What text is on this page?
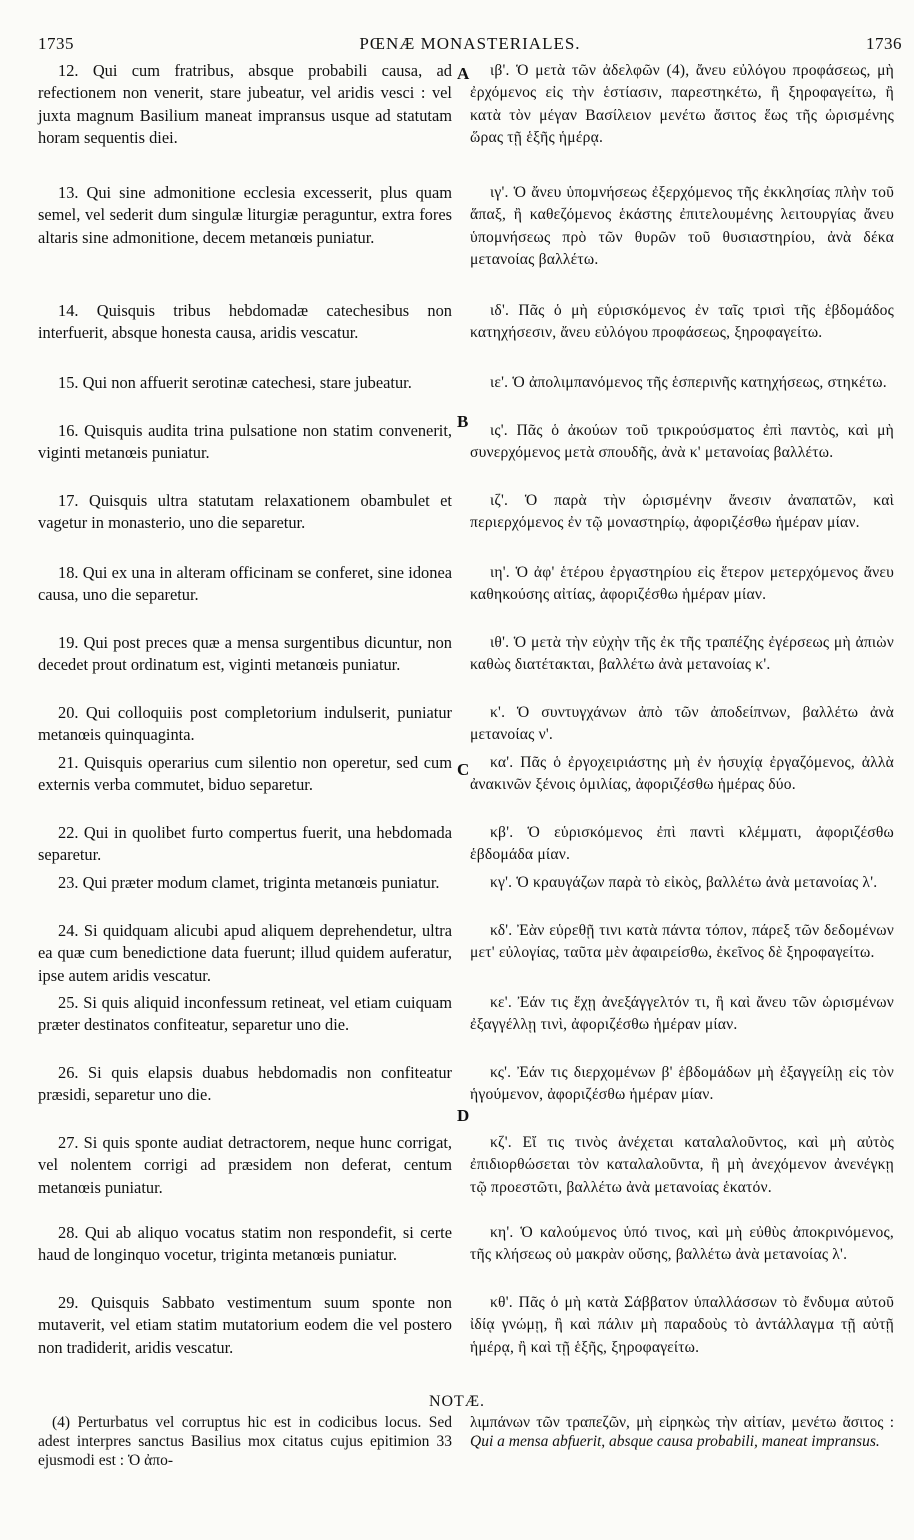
1735	PŒNÆ MONASTERIALES.	1736
A
B
C
D

12. Qui cum fratribus, absque probabili causa, ad refectionem non venerit, stare jubeatur, vel aridis vesci : vel juxta magnum Basilium maneat impransus usque ad statutam horam sequentis diei.

13. Qui sine admonitione ecclesia excesserit, plus quam semel, vel sederit dum singulæ liturgiæ peraguntur, extra fores altaris sine admonitione, decem metanœis puniatur.

14. Quisquis tribus hebdomadæ catechesibus non interfuerit, absque honesta causa, aridis vescatur.

15. Qui non affuerit serotinæ catechesi, stare jubeatur.

16. Quisquis audita trina pulsatione non statim convenerit, viginti metanœis puniatur.

17. Quisquis ultra statutam relaxationem obambulet et vagetur in monasterio, uno die separetur.

18. Qui ex una in alteram officinam se conferet, sine idonea causa, uno die separetur.

19. Qui post preces quæ a mensa surgentibus dicuntur, non decedet prout ordinatum est, viginti metanœis puniatur.

20. Qui colloquiis post completorium indulserit, puniatur metanœis quinquaginta.

21. Quisquis operarius cum silentio non operetur, sed cum externis verba commutet, biduo separetur.

22. Qui in quolibet furto compertus fuerit, una hebdomada separetur.

23. Qui præter modum clamet, triginta metanœis puniatur.

24. Si quidquam alicubi apud aliquem deprehendetur, ultra ea quæ cum benedictione data fuerunt; illud quidem auferatur, ipse autem aridis vescatur.

25. Si quis aliquid inconfessum retineat, vel etiam cuiquam præter destinatos confiteatur, separetur uno die.

26. Si quis elapsis duabus hebdomadis non confiteatur præsidi, separetur uno die.

27. Si quis sponte audiat detractorem, neque hunc corrigat, vel nolentem corrigi ad præsidem non deferat, centum metanœis puniatur.

28. Qui ab aliquo vocatus statim non respondefit, si certe haud de longinquo vocetur, triginta metanœis puniatur.

29. Quisquis Sabbato vestimentum suum sponte non mutaverit, vel etiam statim mutatorium eodem die vel postero non tradiderit, aridis vescatur.

ιβ'. Ὁ μετὰ τῶν ἀδελφῶν (4), ἄνευ εὐλόγου προφάσεως, μὴ ἐρχόμενος εἰς τὴν ἑστίασιν, παρεστηκέτω, ἢ ξηροφαγείτω, ἢ κατὰ τὸν μέγαν Βασίλειον μενέτω ἄσιτος ἕως τῆς ὡρισμένης ὥρας τῇ ἑξῆς ἡμέρᾳ.

ιγ'. Ὁ ἄνευ ὑπομνήσεως ἐξερχόμενος τῆς ἐκκλησίας πλὴν τοῦ ἅπαξ, ἢ καθεζόμενος ἑκάστης ἐπιτελουμένης λειτουργίας ἄνευ ὑπομνήσεως πρὸ τῶν θυρῶν τοῦ θυσιαστηρίου, ἀνὰ δέκα μετανοίας βαλλέτω.

ιδ'. Πᾶς ὁ μὴ εὑρισκόμενος ἐν ταῖς τρισὶ τῆς ἑβδομάδος κατηχήσεσιν, ἄνευ εὐλόγου προφάσεως, ξηροφαγείτω.

ιε'. Ὁ ἀπολιμπανόμενος τῆς ἑσπερινῆς κατηχήσεως, στηκέτω.

ις'. Πᾶς ὁ ἀκούων τοῦ τρικρούσματος ἐπὶ παντὸς, καὶ μὴ συνερχόμενος μετὰ σπουδῆς, ἀνὰ κ' μετανοίας βαλλέτω.

ιζ'. Ὁ παρὰ τὴν ὡρισμένην ἄνεσιν ἀναπατῶν, καὶ περιερχόμενος ἐν τῷ μοναστηρίῳ, ἀφοριζέσθω ἡμέραν μίαν.

ιη'. Ὁ ἀφ' ἑτέρου ἐργαστηρίου εἰς ἕτερον μετερχόμενος ἄνευ καθηκούσης αἰτίας, ἀφοριζέσθω ἡμέραν μίαν.

ιθ'. Ὁ μετὰ τὴν εὐχὴν τῆς ἐκ τῆς τραπέζης ἐγέρσεως μὴ ἀπιὼν καθὼς διατέτακται, βαλλέτω ἀνὰ μετανοίας κ'.

κ'. Ὁ συντυγχάνων ἀπὸ τῶν ἀποδείπνων, βαλλέτω ἀνὰ μετανοίας ν'.

κα'. Πᾶς ὁ ἐργοχειριάστης μὴ ἐν ἡσυχίᾳ ἐργαζόμενος, ἀλλὰ ἀνακινῶν ξένοις ὁμιλίας, ἀφοριζέσθω ἡμέρας δύο.

κβ'. Ὁ εὑρισκόμενος ἐπὶ παντὶ κλέμματι, ἀφοριζέσθω ἑβδομάδα μίαν.

κγ'. Ὁ κραυγάζων παρὰ τὸ εἰκὸς, βαλλέτω ἀνὰ μετανοίας λ'.

κδ'. Ἐὰν εὑρεθῇ τινι κατὰ πάντα τόπον, πάρεξ τῶν δεδομένων μετ' εὐλογίας, ταῦτα μὲν ἀφαιρείσθω, ἐκεῖνος δὲ ξηροφαγείτω.

κε'. Ἐάν τις ἔχῃ ἀνεξάγγελτόν τι, ἢ καὶ ἄνευ τῶν ὡρισμένων ἐξαγγέλλῃ τινὶ, ἀφοριζέσθω ἡμέραν μίαν.

κς'. Ἐάν τις διερχομένων β' ἑβδομάδων μὴ ἐξαγγείλῃ εἰς τὸν ἡγούμενον, ἀφοριζέσθω ἡμέραν μίαν.

κζ'. Εἴ τις τινὸς ἀνέχεται καταλαλοῦντος, καὶ μὴ αὐτὸς ἐπιδιορθώσεται τὸν καταλαλοῦντα, ἢ μὴ ἀνεχόμενον ἀνενέγκῃ τῷ προεστῶτι, βαλλέτω ἀνὰ μετανοίας ἑκατόν.

κη'. Ὁ καλούμενος ὑπό τινος, καὶ μὴ εὐθὺς ἀποκρινόμενος, τῆς κλήσεως οὐ μακρὰν οὔσης, βαλλέτω ἀνὰ μετανοίας λ'.

κθ'. Πᾶς ὁ μὴ κατὰ Σάββατον ὑπαλλάσσων τὸ ἔνδυμα αὐτοῦ ἰδίᾳ γνώμῃ, ἢ καὶ πάλιν μὴ παραδοὺς τὸ ἀντάλλαγμα τῇ αὐτῇ ἡμέρᾳ, ἢ καὶ τῇ ἑξῆς, ξηροφαγείτω.

NOTÆ.
(4) Perturbatus vel corruptus hic est in codicibus locus. Sed adest interpres sanctus Basilius mox citatus cujus epitimion 33 ejusmodi est : Ὁ ἀπο-
λιμπάνων τῶν τραπεζῶν, μὴ εἰρηκὼς τὴν αἰτίαν, μενέτω ἄσιτος : Qui a mensa abfuerit, absque causa probabili, maneat impransus.
